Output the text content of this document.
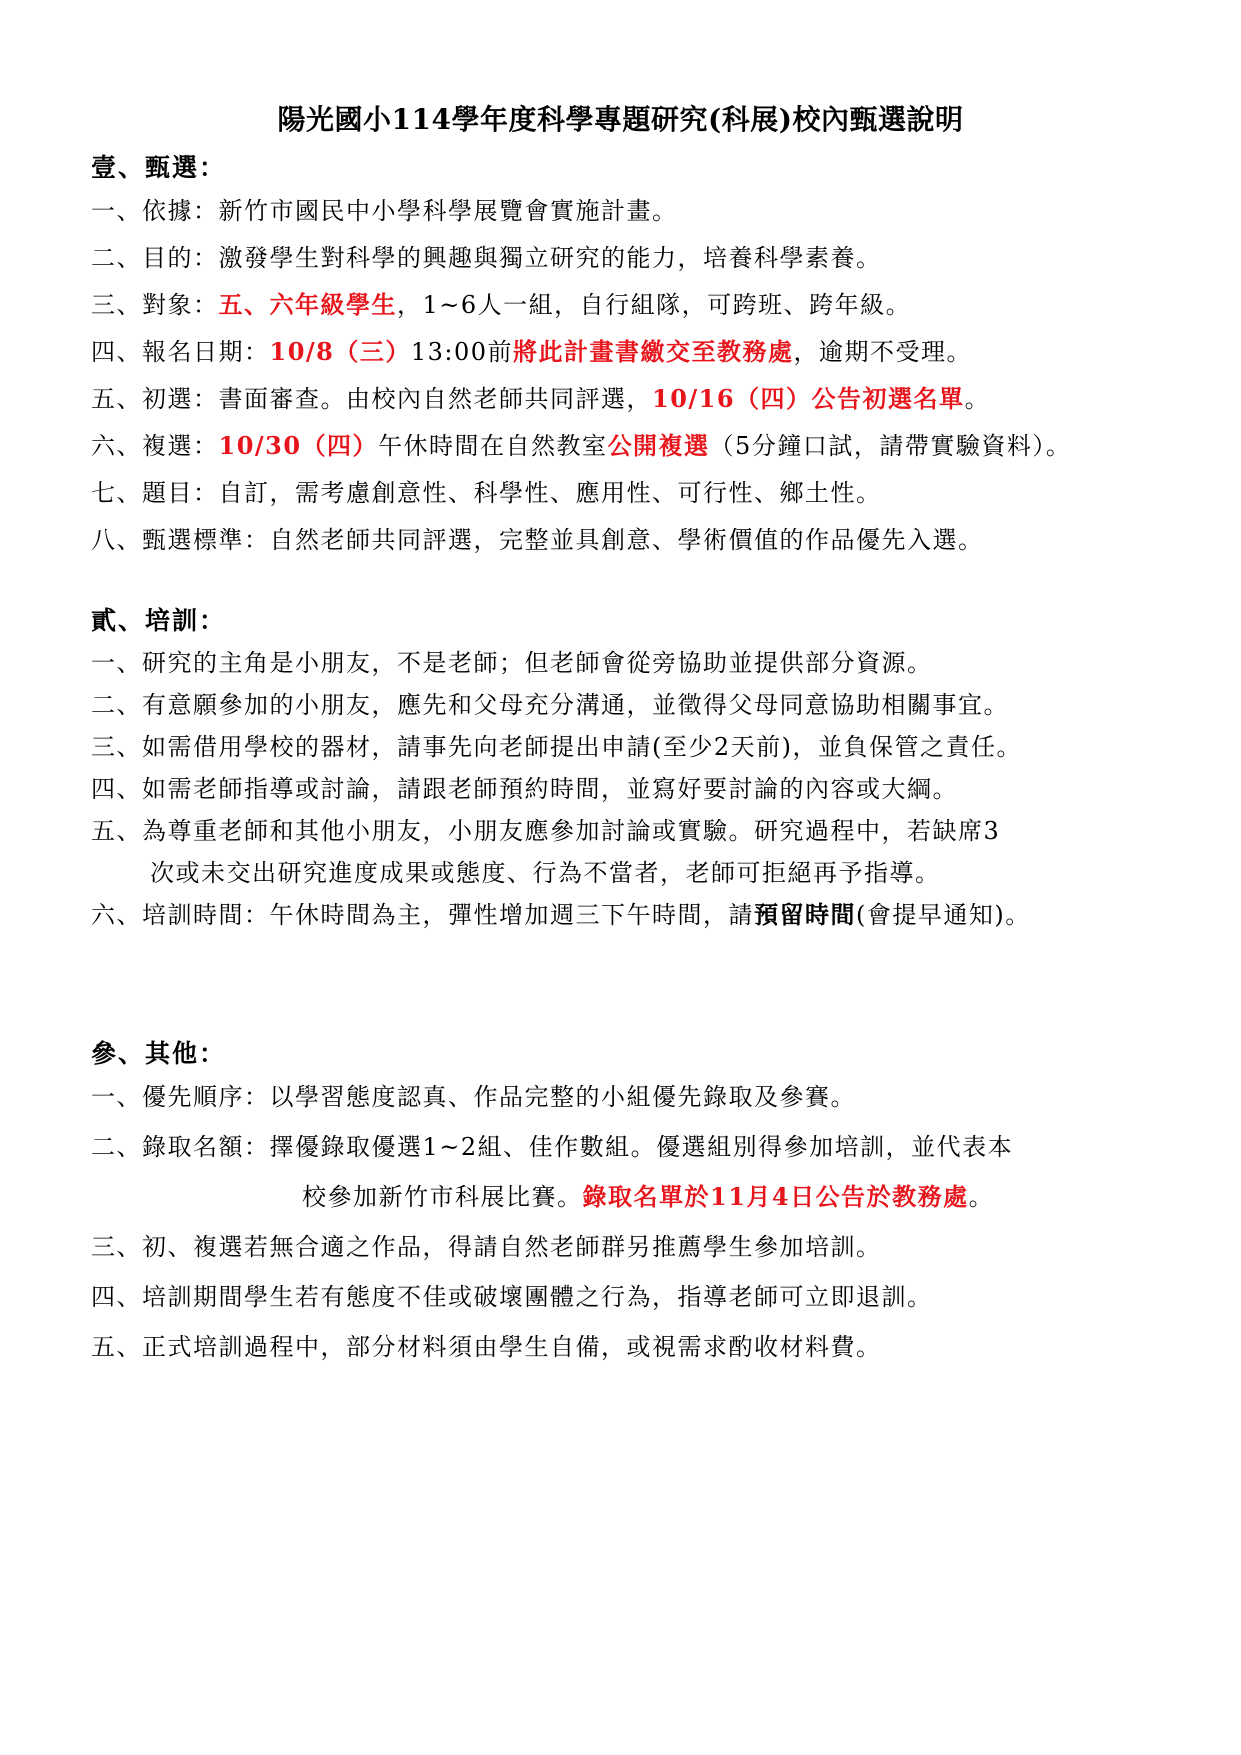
陽光國小114學年度科學專題研究(科展)校內甄選說明
壹、甄選：
一、依據：新竹市國民中小學科學展覽會實施計畫。
二、目的：激發學生對科學的興趣與獨立研究的能力，培養科學素養。
三、對象：五、六年級學生，1~6人一組，自行組隊，可跨班、跨年級。
四、報名日期：10/8（三）13:00前將此計畫書繳交至教務處，逾期不受理。
五、初選：書面審查。由校內自然老師共同評選，10/16（四）公告初選名單。
六、複選：10/30（四）午休時間在自然教室公開複選（5分鐘口試，請帶實驗資料）。
七、題目：自訂，需考慮創意性、科學性、應用性、可行性、鄉土性。
八、甄選標準：自然老師共同評選，完整並具創意、學術價值的作品優先入選。
貳、培訓：
一、研究的主角是小朋友，不是老師；但老師會從旁協助並提供部分資源。
二、有意願參加的小朋友，應先和父母充分溝通，並徵得父母同意協助相關事宜。
三、如需借用學校的器材，請事先向老師提出申請(至少2天前)，並負保管之責任。
四、如需老師指導或討論，請跟老師預約時間，並寫好要討論的內容或大綱。
五、為尊重老師和其他小朋友，小朋友應參加討論或實驗。研究過程中，若缺席3
次或未交出研究進度成果或態度、行為不當者，老師可拒絕再予指導。
六、培訓時間：午休時間為主，彈性增加週三下午時間，請預留時間(會提早通知)。
參、其他：
一、優先順序：以學習態度認真、作品完整的小組優先錄取及參賽。
二、錄取名額：擇優錄取優選1~2組、佳作數組。優選組別得參加培訓，並代表本
校參加新竹市科展比賽。錄取名單於11月4日公告於教務處。
三、初、複選若無合適之作品，得請自然老師群另推薦學生參加培訓。
四、培訓期間學生若有態度不佳或破壞團體之行為，指導老師可立即退訓。
五、正式培訓過程中，部分材料須由學生自備，或視需求酌收材料費。
